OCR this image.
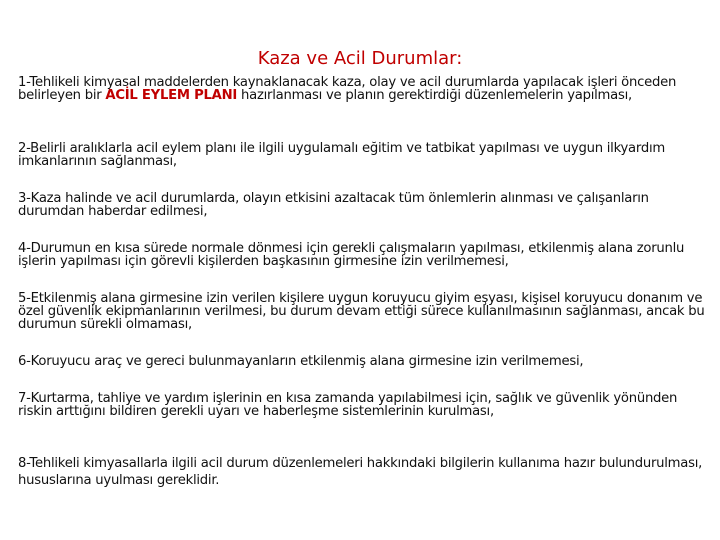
Kaza ve Acil Durumlar:

1-Tehlikeli kimyasal maddelerden kaynaklanacak kaza, olay ve acil durumlarda yapılacak işleri önceden belirleyen bir ACİL EYLEM PLANI hazırlanması ve planın gerektirdiği düzenlemelerin yapılması,

2-Belirli aralıklarla acil eylem planı ile ilgili uygulamalı eğitim ve tatbikat yapılması ve uygun ilkyardım imkanlarının sağlanması,

3-Kaza halinde ve acil durumlarda, olayın etkisini azaltacak tüm önlemlerin alınması ve çalışanların durumdan haberdar edilmesi,

4-Durumun en kısa sürede normale dönmesi için gerekli çalışmaların yapılması, etkilenmiş alana zorunlu işlerin yapılması için görevli kişilerden başkasının girmesine izin verilmemesi,

5-Etkilenmiş alana girmesine izin verilen kişilere uygun koruyucu giyim eşyası, kişisel koruyucu donanım ve özel güvenlik ekipmanlarının verilmesi, bu durum devam ettiği sürece kullanılmasının sağlanması, ancak bu durumun sürekli olmaması,

6-Koruyucu araç ve gereci bulunmayanların etkilenmiş alana girmesine izin verilmemesi,

7-Kurtarma, tahliye ve yardım işlerinin en kısa zamanda yapılabilmesi için, sağlık ve güvenlik yönünden riskin arttığını bildiren gerekli uyarı ve haberleşme sistemlerinin kurulması,

8-Tehlikeli kimyasallarla ilgili acil durum düzenlemeleri hakkındaki bilgilerin kullanıma hazır bulundurulması,
hususlarına uyulması gereklidir.
